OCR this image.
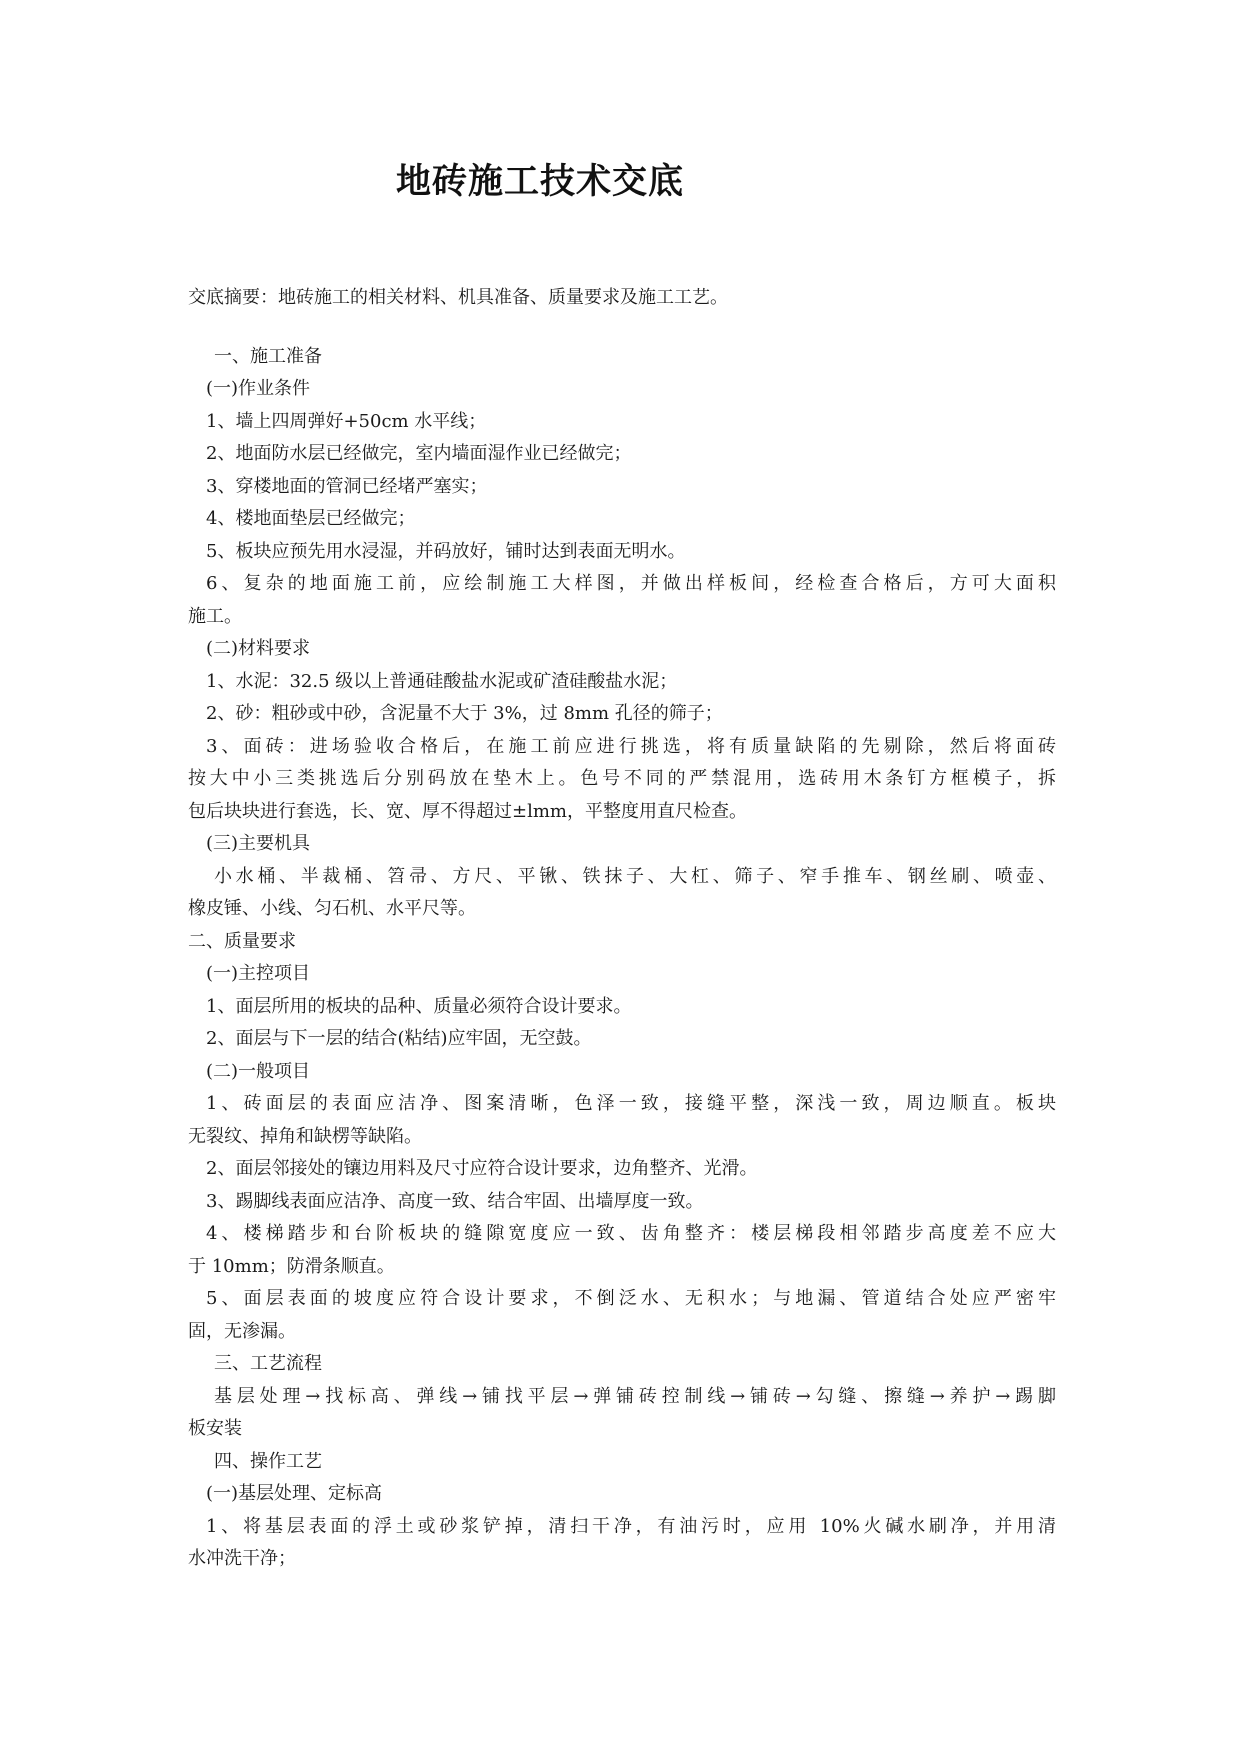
地砖施工技术交底
交底摘要：地砖施工的相关材料、机具准备、质量要求及施工工艺。
一、施工准备
(一)作业条件
1、墙上四周弹好+50cm 水平线；
2、地面防水层已经做完，室内墙面湿作业已经做完；
3、穿楼地面的管洞已经堵严塞实；
4、楼地面垫层已经做完；
5、板块应预先用水浸湿，并码放好，铺时达到表面无明水。
6、复杂的地面施工前，应绘制施工大样图，并做出样板间，经检查合格后，方可大面积
施工。
(二)材料要求
1、水泥：32.5 级以上普通硅酸盐水泥或矿渣硅酸盐水泥；
2、砂：粗砂或中砂，含泥量不大于 3%，过 8mm 孔径的筛子；
3、面砖：进场验收合格后，在施工前应进行挑选，将有质量缺陷的先剔除，然后将面砖
按大中小三类挑选后分别码放在垫木上。色号不同的严禁混用，选砖用木条钉方框模子，拆
包后块块进行套选，长、宽、厚不得超过±lmm，平整度用直尺检查。
(三)主要机具
小水桶、半裁桶、笤帚、方尺、平锹、铁抹子、大杠、筛子、窄手推车、钢丝刷、喷壶、
橡皮锤、小线、匀石机、水平尺等。
二、质量要求
(一)主控项目
1、面层所用的板块的品种、质量必须符合设计要求。
2、面层与下一层的结合(粘结)应牢固，无空鼓。
(二)一般项目
1、砖面层的表面应洁净、图案清晰，色泽一致，接缝平整，深浅一致，周边顺直。板块
无裂纹、掉角和缺楞等缺陷。
2、面层邻接处的镶边用料及尺寸应符合设计要求，边角整齐、光滑。
3、踢脚线表面应洁净、高度一致、结合牢固、出墙厚度一致。
4、楼梯踏步和台阶板块的缝隙宽度应一致、齿角整齐：楼层梯段相邻踏步高度差不应大
于 10mm；防滑条顺直。
5、面层表面的坡度应符合设计要求，不倒泛水、无积水；与地漏、管道结合处应严密牢
固，无渗漏。
三、工艺流程
基层处理→找标高、弹线→铺找平层→弹铺砖控制线→铺砖→勾缝、擦缝→养护→踢脚
板安装
四、操作工艺
(一)基层处理、定标高
1、将基层表面的浮土或砂浆铲掉，清扫干净，有油污时，应用 10%火碱水刷净，并用清
水冲洗干净；
